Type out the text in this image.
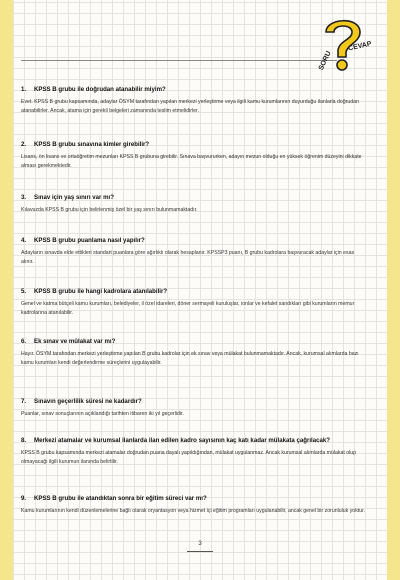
SORU
CEVAP

1. KPSS B grubu ile doğrudan atanabilir miyim?

Evet. KPSS B grubu kapsamında, adaylar ÖSYM tarafından yapılan merkezi yerleştirme veya ilgili kamu kurumlarının duyurduğu ilanlarla doğrudan atanabilirler. Ancak, atama için gerekli belgeleri zamanında teslim etmelidirler.

2. KPSS B grubu sınavına kimler girebilir?

Lisans, ön lisans ve ortaöğretim mezunları KPSS B grubuna girebilir. Sınava başvururken, adayın mezun olduğu en yüksek öğrenim düzeyini dikkate alması gerekmektedir.

3. Sınav için yaş sınırı var mı?

Kılavuzda KPSS B grubu için belirlenmiş özel bir yaş sınırı bulunmamaktadır.

4. KPSS B grubu puanlama nasıl yapılır?

Adayların sınavda elde ettikleri standart puanlara göre ağırlıklı olarak hesaplanır. KPSSP3 puanı, B grubu kadrolara başvuracak adaylar için esas alınır.

5. KPSS B grubu ile hangi kadrolara atanılabilir?

Genel ve katma bütçeli kamu kurumları, belediyeler, il özel idareleri, döner sermayeli kuruluşlar, ionlar ve kefalet sandıkları gibi kurumların memur kadrolarına atanılabilir.

6. Ek sınav ve mülakat var mı?

Hayır. ÖSYM tarafından merkezi yerleştirme yapılan B grubu kadrolar için ek sınav veya mülakat bulunmamaktadır. Ancak, kurumsal alımlarda bazı kamu kurumları kendi değerlendirme süreçlerini uygulayabilir.

7. Sınavın geçerlilik süresi ne kadardır?

Puanlar, sınav sonuçlarının açıklandığı tarihten itibaren iki yıl geçerlidir.

8. Merkezi atamalar ve kurumsal ilanlarda ilan edilen kadro sayısının kaç katı kadar mülakata çağrılacak?

KPSS B grubu kapsamında merkezi atamalar doğrudan puana dayalı yapıldığından, mülakat uygulanmaz. Ancak kurumsal alımlarda mülakat olup olmayacağı ilgili kurumun ilanında belirtilir.

9. KPSS B grubu ile atandıktan sonra bir eğitim süreci var mı?

Kamu kurumlarının kendi düzenlemelerine bağlı olarak oryantasyon veya hizmet içi eğitim programları uygulanabilir, ancak genel bir zorunluluk yoktur.

3
